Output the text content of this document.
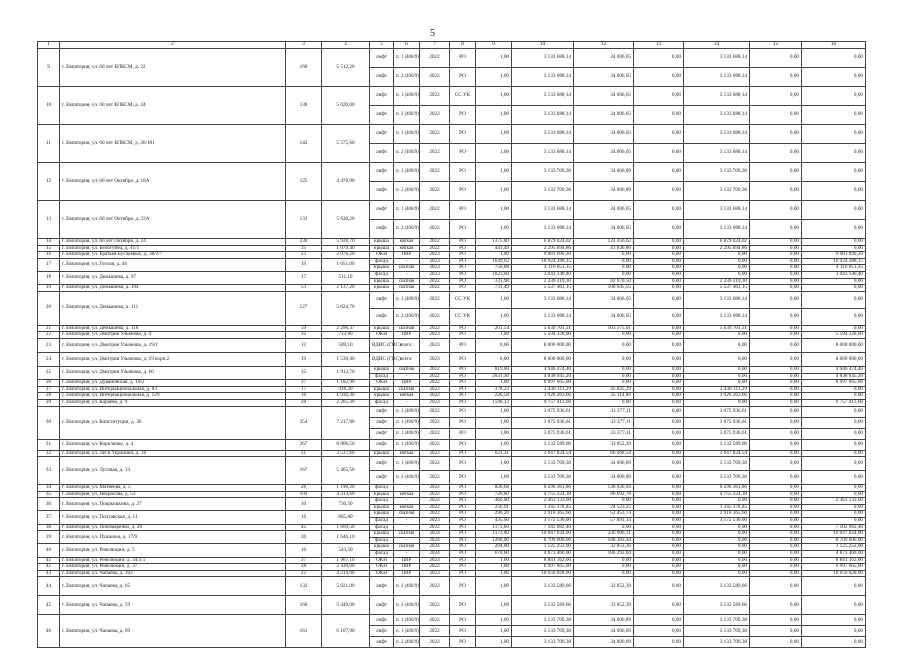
5
1	2	3	4	5	6	7	8	9	10	12	13	14	15	16
9	г. Евпатория, ул. 60 лет ВЛКСМ, д. 22	160	5 512,20	лифт	п. 1 (400/9)	2022	РО	1,00	3 133 688,14	34 006,65	0,00	3 133 688,14	0,00	0,00
				лифт	п. 2 (400/9)	2022	РО	1,00	3 133 688,14	34 006,65	0,00	3 133 688,14	0,00	0,00
10	г. Евпатория, ул. 60 лет ВЛКСМ, д. 24	138	5 020,00	лифт	п. 1 (400/9)	2022	СС УК	1,00	3 133 688,14	34 006,65	0,00	3 133 688,14	0,00	0,00
				лифт	п. 2 (400/9)	2022	РО	1,00	3 133 688,14	34 006,65	0,00	3 133 688,14	0,00	0,00
11	г. Евпатория, ул. 60 лет ВЛКСМ, д. 26/181	142	5 575,60	лифт	п. 1 (400/9)	2022	РО	1,00	3 133 688,14	34 006,65	0,00	3 133 688,14	0,00	0,00
				лифт	п. 2 (400/9)	2022	РО	1,00	3 133 688,14	34 006,65	0,00	3 133 688,14	0,00	0,00
12	г. Евпатория, ул. 60 лет Октября, д. 18А	125	4 476,90	лифт	п. 1 (400/9)	2022	РО	1,00	3 133 709,38	34 006,89	0,00	3 133 709,38	0,00	0,00
				лифт	п. 2 (400/9)	2022	РО	1,00	3 133 709,38	34 006,89	0,00	3 133 709,38	0,00	0,00
13	г. Евпатория, ул. 60 лет Октября, д. 22А	131	5 630,20	лифт	п. 1 (400/9)	2022	РО	1,00	3 133 688,14	34 006,65	0,00	3 133 688,14	0,00	0,00
				лифт	п. 2 (400/9)	2022	РО	1,00	3 133 688,14	34 006,65	0,00	3 133 688,14	0,00	0,00
14	г. Евпатория, ул. 60 лет Октября, д. 24	230	5 928,70	крыша	мягкая	2022	РО	1375,80	6 879 024,02	124 356,62	0,00	6 879 024,02	0,00	0,00
15	г. Евпатория, ул. Белогубец, д. 41/1	35	1 079,40	крыша	мягкая	2022	РО	433,49	2 295 694,86	41 830,86	0,00	2 295 694,86	0,00	0,00
16	г. Евпатория, ул. Братьев Буслаевых, д. 30/2/7	23	2 076,20	ОКН	ПИР	2023	РО	1,00	9 981 099,20	0,00	0,00	0,00	0,00	9 981 099,20
17	г. Евпатория, ул. Гоголя, д. 46	19	1 651,00	фасад	-	2023	РО	1649,62	10 924 288,15	0,00	0,00	0,00	0,00	10 924 288,15
				крыша	скатная	2023	РО	756,88	4 116 051,35	0,00	0,00	0,00	0,00	4 116 051,35
18	г. Евпатория, ул. Демышева, д. 97	17	511,10	фасад	-	2023	РО	1023,60	3 043 140,40	0,00	0,00	0,00	0,00	3 043 140,40
				крыша	скатная	2022	РО	331,98	2 330 310,30	42 670,50	0,00	2 330 310,30	0,00	0,00
19	г. Евпатория, ул. Демышева, д. 104	53	2 137,20	крыша	скатная	2022	РО	731,49	5 537 463,15	100 945,55	0,00	5 537 463,15	0,00	0,00
20	г. Евпатория, ул. Демышева, д. 111	127	5 024,70	лифт	п. 1 (400/9)	2022	СС УК	1,00	3 133 688,14	34 006,65	0,00	3 133 688,14	0,00	0,00
				лифт	п. 2 (400/9)	2022	СС УК	1,00	3 133 688,14	34 006,65	0,00	3 133 688,14	0,00	0,00
21	г. Евпатория, ул. Демышева, д. 118	59	2 296,37	крыша	скатная	2022	РО	263,54	5 639 701,31	103 175,01	0,00	5 639 701,31	0,00	0,00
22	г. Евпатория, ул. Дмитрия Ульянова, д. 4	35	713,60	ОКН	ПИР	2023	РО	1,00	5 594 328,00	0,00	0,00	0,00	0,00	5 594 328,00
23	г. Евпатория, ул. Дмитрия Ульянова, д. 19/1	12	509,10	ВДИС (ГВС)	всего:	2023	РО	0,00	8 000 000,00	0,00	0,00	0,00	0,00	8 000 000,00
24	г. Евпатория, ул. Дмитрия Ульянова, д. 19 корп.2	19	1 539,40	ВДИС (ГВС)	всего:	2023	РО	0,00	8 000 000,00	0,00	0,00	0,00	0,00	8 000 000,00
25	г. Евпатория, ул. Дмитрия Ульянова, д. 66	35	1 912,70	крыша	скатная	2022	РО	819,00	4 946 474,40	0,00	0,00	0,00	0,00	4 946 474,40
				фасад	-	2022	РО	2031,30	4 838 945,20	0,00	0,00	0,00	0,00	4 838 945,20
26	г. Евпатория, ул. Дувановская, д. 10/2	37	1 182,90	ОКН	ПИР	2022	РО	1,00	6 997 665,00	0,00	0,00	0,00	0,00	6 997 665,00
27	г. Евпатория, ул. Интернациональная, д. 83	17	418,20	крыша	скатная	2022	РО	378,23	2 430 311,29	45 025,29	0,00	2 430 311,29	0,00	0,00
28	г. Евпатория, ул. Интернациональная, д. 129	16	1 036,30	крыша	мягкая	2022	РО	226,58	1 926 263,66	35 114,86	0,00	1 926 263,66	0,00	0,00
29	г. Евпатория, ул. Караева, д. 9	28	2 265,30	фасад	-	2023	РО	1598,13	9 757 413,60	0,00	0,00	0,00	0,00	9 757 413,60
30	г. Евпатория, ул. Конституции, д. 36	354	7 217,80	лифт	п. 1 (400/9)	2022	РО	1,00	3 075 936,61	33 377,11	0,00	3 075 936,61	0,00	0,00
				лифт	п. 1 (400/9)	2022	РО	1,00	3 075 936,61	33 377,11	0,00	3 075 936,61	0,00	0,00
				лифт	п. 1 (400/9)	2022	РО	1,00	3 075 936,61	33 377,11	0,00	3 075 936,61	0,00	0,00
31	г. Евпатория, ул. Короленко, д. 4	267	8 806,50	лифт	п. 1 (400/9)	2022	РО	1,00	3 133 589,66	33 852,39	0,00	3 133 589,66	0,00	0,00
32	г. Евпатория, ул. Леси Украинки, д. 10	31	3 537,60	крыша	мягкая	2022	РО	621,31	3 647 824,54	66 468,54	0,00	3 647 824,54	0,00	0,00
33	г. Евпатория, ул. Луговая, д. 13	167	5 465,50	лифт	п. 1 (400/9)	2022	РО	1,00	3 133 709,38	34 006,89	0,00	3 133 709,38	0,00	0,00
				лифт	п. 2 (400/9)	2022	РО	1,00	3 133 709,38	34 006,89	0,00	3 133 709,38	0,00	0,00
34	г. Евпатория, ул. Матвеева, д. 5	28	1 190,20	фасад	-	2022	РО	820,68	6 298 361,86	136 926,94	0,00	6 298 361,86	0,00	0,00
35	г. Евпатория, ул. Некрасова, д. 53	103	4 313,60	крыша	мягкая	2022	РО	729,80	4 755 324,38	86 692,78	0,00	4 755 324,38	0,00	0,00
36	г. Евпатория, ул. Покрышкина, д. 27	10	730,50	фасад	-	2022	РО	466,00	2 363 133,60	0,00	0,00	0,00	0,00	2 363 133,60
				крыша	мягкая	2022	РО	256,91	1 345 378,45	24 523,25	0,00	1 345 378,45	0,00	0,00
37	г. Евпатория, ул. Полтавская, д. 11	16	865,80	крыша	скатная	2022	РО	290,20	2 918 365,60	52 453,74	0,00	2 918 365,60	0,00	0,00
				фасад	-	2023	РО	435,00	3 172 530,00	57 891,14	0,00	3 172 530,00	0,00	0,00
38	г. Евпатория, ул. Пономаренко, д. 20	45	1 669,50	фасад	-	2022	РО	1173,00	7 182 982,40	0,00	0,00	0,00	0,00	7 182 982,40
39	г. Евпатория, ул. Пушкина, д. 17/9	20	1 646,10	крыша	скатная	2024	РО	1173,00	10 047 024,00	236 006,31	0,00	0,00	0,00	10 047 024,00
				фасад	-	2024	РО	1200,00	8 709 600,00	188 383,44	0,00	0,00	0,00	8 709 600,00
40	г. Евпатория, ул. Революции, д. 5	16	543,50	крыша	скатная	2024	РО	204,00	1 125 252,00	32 853,36	0,00	0,00	0,00	1 125 252,00
				фасад	-	2024	РО	670,00	4 873 460,00	106 292,04	0,00	0,00	0,00	4 873 460,00
41	г. Евпатория, ул. Революции, д. 34/1/1	37	1 967,10	ОКН	ПИР	2023	РО	1,00	8 841 162,00	0,00	0,00	0,00	0,00	8 841 162,00
42	г. Евпатория, ул. Революции, д. 37	28	2 430,00	ОКН	ПИР	2022	РО	1,00	6 997 665,00	0,00	0,00	0,00	0,00	6 997 665,00
43	г. Евпатория, ул. Чапаева, д. 102	22	4 214,90	ОКН	ПИР	2023	РО	1,00	10 656 028,00	0,00	0,00	0,00	0,00	10 656 028,00
44	г. Евпатория, ул. Чапаева, д. 65	132	5 921,00	лифт	п. 2 (400/9)	2022	РО	1,00	3 133 589,66	33 852,39	0,00	3 133 589,66	0,00	0,00
45	г. Евпатория, ул. Чапаева, д. 59	160	5 449,00	лифт	п. 2 (400/9)	2022	РО	1,00	3 133 589,66	33 852,39	0,00	3 133 589,66	0,00	0,00
46	г. Евпатория, ул. Чапаева, д. 69	161	6 107,90	лифт	п. 1 (400/9)	2022	РО	1,00	3 133 709,38	34 006,89	0,00	3 133 709,38	0,00	0,00
				лифт	п. 1 (400/9)	2022	РО	1,00	3 133 709,38	34 006,89	0,00	3 133 709,38	0,00	0,00
				лифт	п. 2 (400/9)	2022	РО	1,00	3 133 709,38	34 006,89	0,00	3 133 709,38	0,00	0,00
